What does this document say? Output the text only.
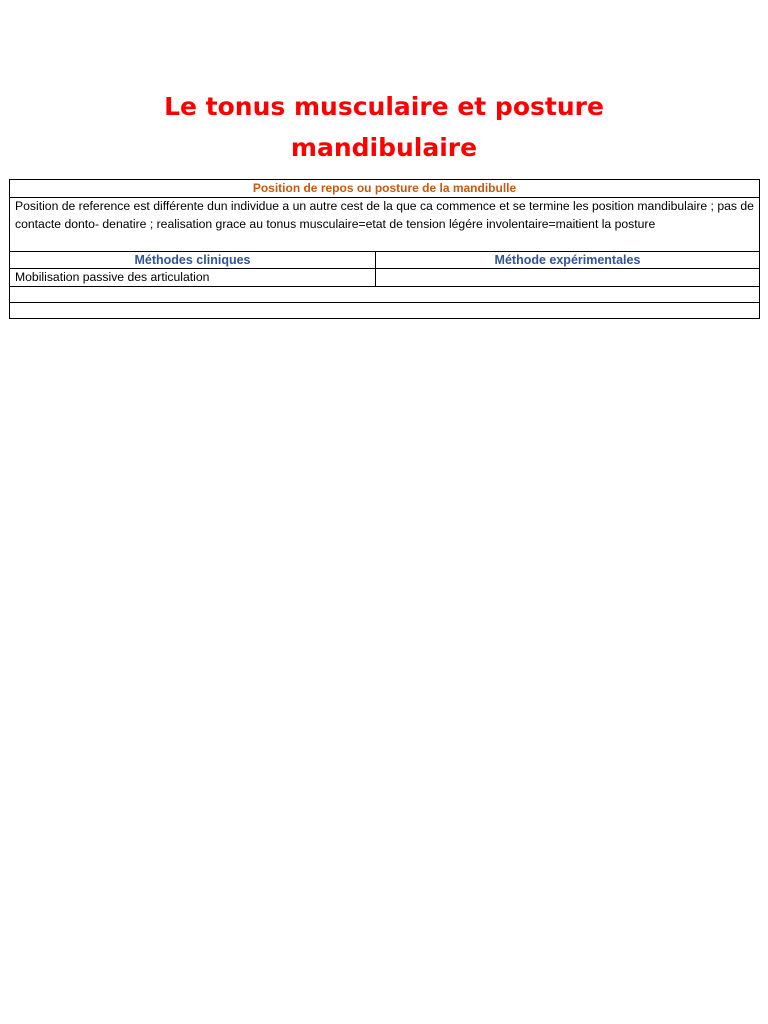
Le tonus musculaire et posture
mandibulaire
Position de repos ou posture de la mandibulle	
Position de reference est différente dun individue a un autre cest de la que ca commence et se termine les position mandibulaire ; pas de contacte donto- denatire ; realisation grace au tonus musculaire=etat de tension légére involentaire=maitient la posture	
Méthodes cliniques	Méthode expérimentales
Mobilisation passive des articulation	
